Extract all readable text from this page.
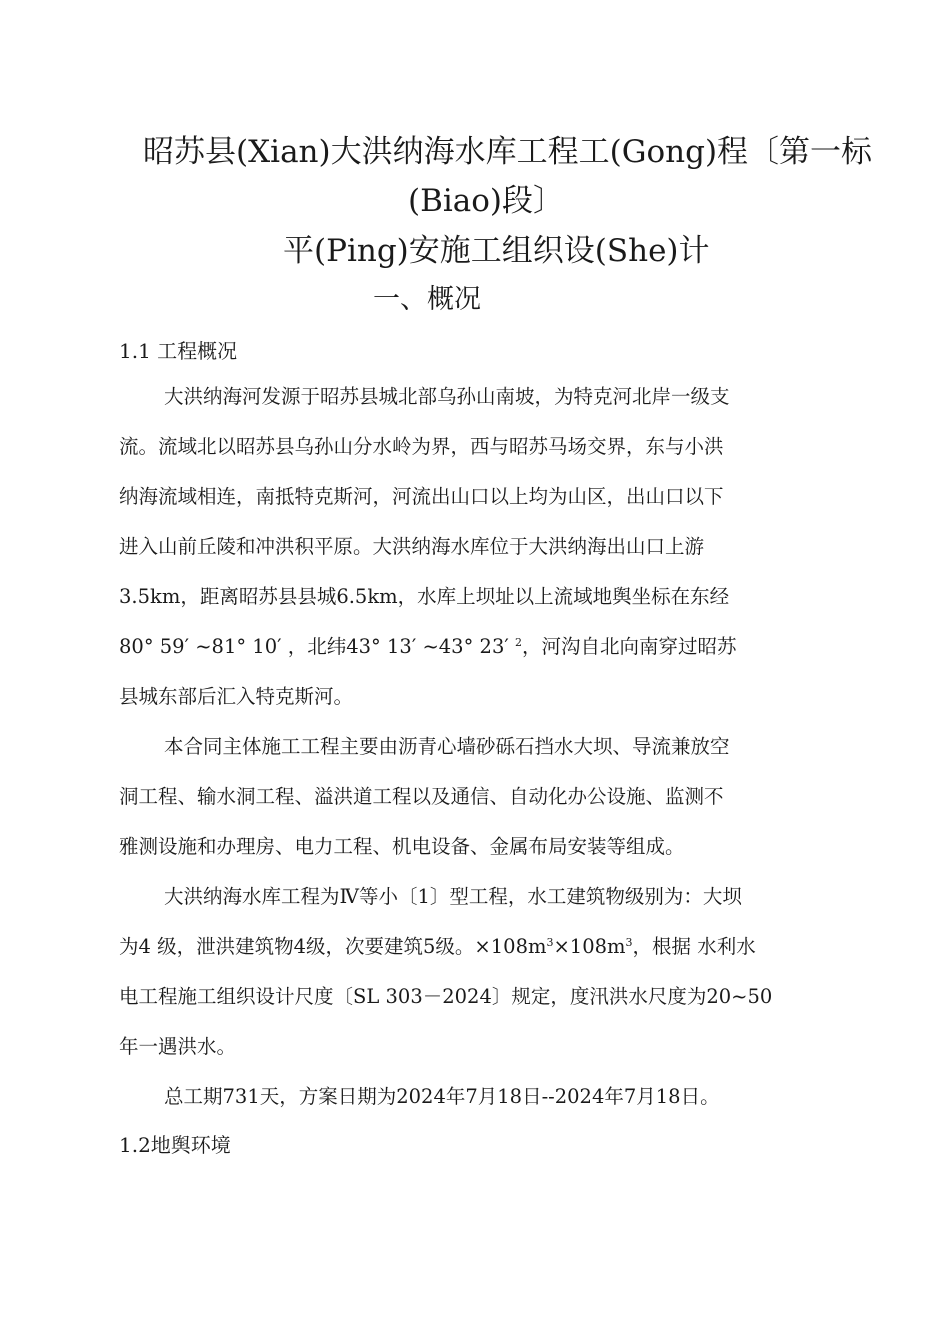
昭苏县(Xian)大洪纳海水库工程工(Gong)程〔第一标
(Biao)段〕
平(Ping)安施工组织设(She)计
一、概况
1.1 工程概况
大洪纳海河发源于昭苏县城北部乌孙山南坡，为特克河北岸一级支
流。流域北以昭苏县乌孙山分水岭为界，西与昭苏马场交界，东与小洪
纳海流域相连，南抵特克斯河，河流出山口以上均为山区，出山口以下
进入山前丘陵和冲洪积平原。大洪纳海水库位于大洪纳海出山口上游
3.5km，距离昭苏县县城6.5km，水库上坝址以上流域地舆坐标在东经
80° 59′ ~81° 10′ ，北纬43° 13′ ~43° 23′ $^2$，河沟自北向南穿过昭苏
县城东部后汇入特克斯河。
本合同主体施工工程主要由沥青心墙砂砾石挡水大坝、导流兼放空
洞工程、输水洞工程、溢洪道工程以及通信、自动化办公设施、监测不
雅测设施和办理房、电力工程、机电设备、金属布局安装等组成。
大洪纳海水库工程为Ⅳ等小〔1〕型工程，水工建筑物级别为：大坝
为4 级，泄洪建筑物4级，次要建筑5级。$\times 108m^3\times 108m^3$，根据 水利水
电工程施工组织设计尺度〔SL 303－2024〕规定，度汛洪水尺度为20~50
年一遇洪水。
总工期731天，方案日期为2024年7月18日--2024年7月18日。
1.2地舆环境
